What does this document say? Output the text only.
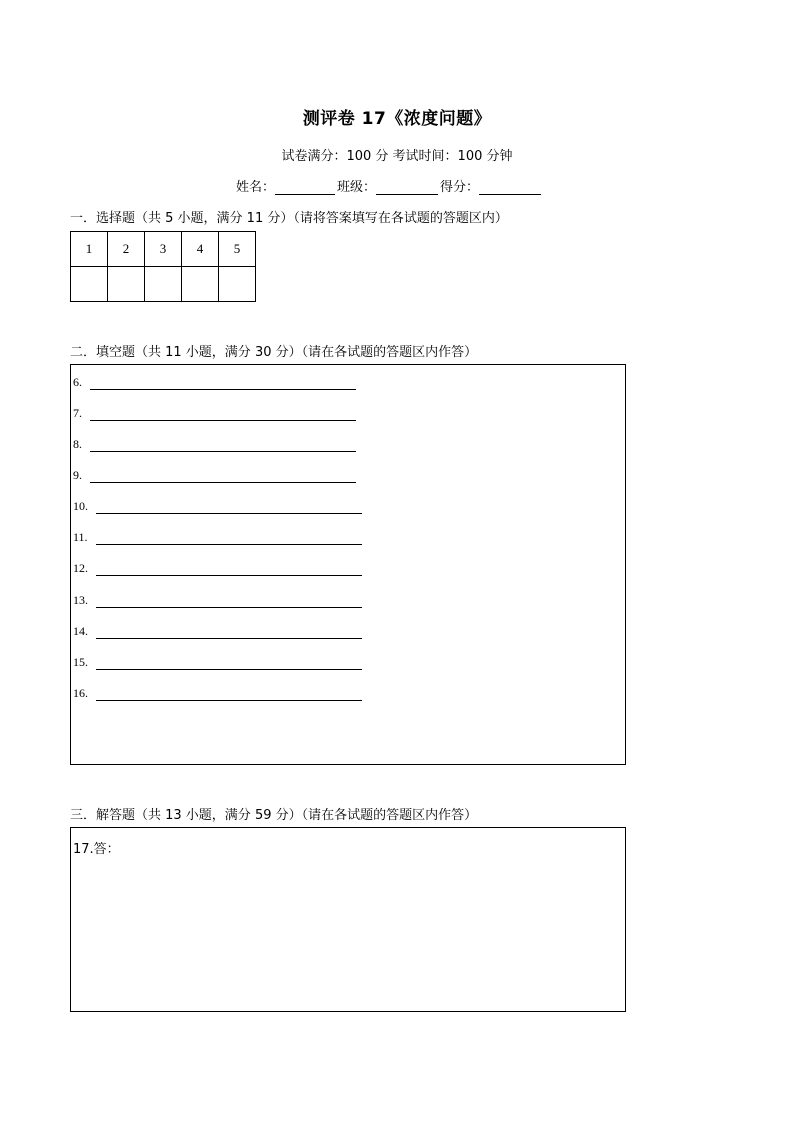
测评卷 17《浓度问题》
试卷满分：100 分 考试时间：100 分钟
姓名：	班级：	得分：
一．选择题（共 5 小题，满分 11 分）（请将答案填写在各试题的答题区内）
1	2	3	4	5

二．填空题（共 11 小题，满分 30 分）（请在各试题的答题区内作答）
6.
7.
8.
9.
10.
11.
12.
13.
14.
15.
16.
三．解答题（共 13 小题，满分 59 分）（请在各试题的答题区内作答）
17.答：
